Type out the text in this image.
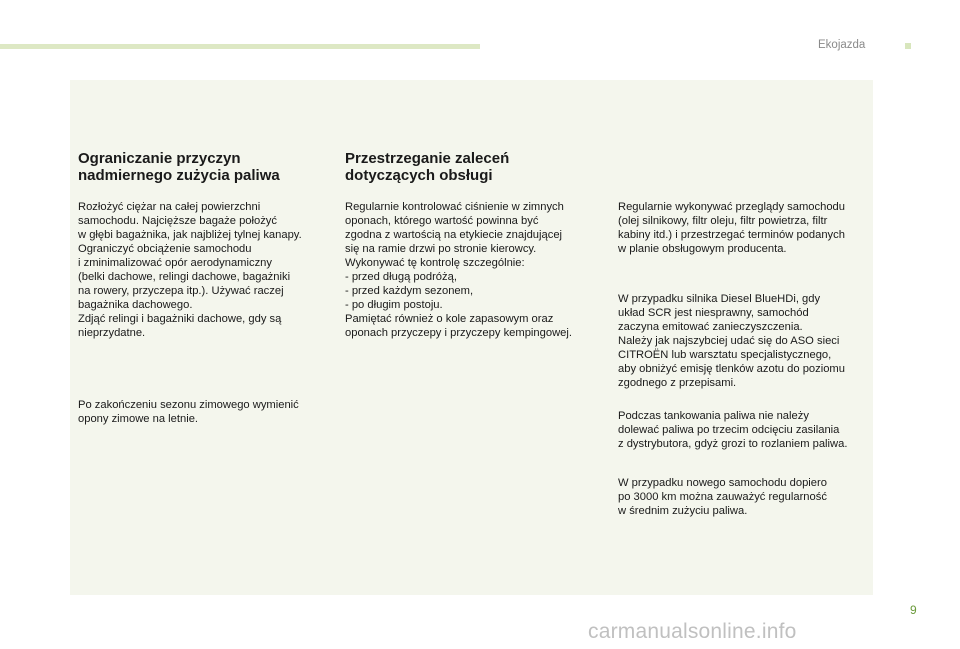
Ekojazda
Ograniczanie przyczyn
nadmiernego zużycia paliwa

Rozłożyć ciężar na całej powierzchni
samochodu. Najcięższe bagaże położyć
w głębi bagażnika, jak najbliżej tylnej kanapy.
Ograniczyć obciążenie samochodu
i zminimalizować opór aerodynamiczny
(belki dachowe, relingi dachowe, bagażniki
na rowery, przyczepa itp.). Używać raczej
bagażnika dachowego.
Zdjąć relingi i bagażniki dachowe, gdy są
nieprzydatne.

Po zakończeniu sezonu zimowego wymienić
opony zimowe na letnie.

Przestrzeganie zaleceń
dotyczących obsługi

Regularnie kontrolować ciśnienie w zimnych
oponach, którego wartość powinna być
zgodna z wartością na etykiecie znajdującej
się na ramie drzwi po stronie kierowcy.
Wykonywać tę kontrolę szczególnie:
- przed długą podróżą,
- przed każdym sezonem,
- po długim postoju.
Pamiętać również o kole zapasowym oraz
oponach przyczepy i przyczepy kempingowej.

Regularnie wykonywać przeglądy samochodu
(olej silnikowy, filtr oleju, filtr powietrza, filtr
kabiny itd.) i przestrzegać terminów podanych
w planie obsługowym producenta.

W przypadku silnika Diesel BlueHDi, gdy
układ SCR jest niesprawny, samochód
zaczyna emitować zanieczyszczenia.
Należy jak najszybciej udać się do ASO sieci
CITROËN lub warsztatu specjalistycznego,
aby obniżyć emisję tlenków azotu do poziomu
zgodnego z przepisami.

Podczas tankowania paliwa nie należy
dolewać paliwa po trzecim odcięciu zasilania
z dystrybutora, gdyż grozi to rozlaniem paliwa.

W przypadku nowego samochodu dopiero
po 3000 km można zauważyć regularność
w średnim zużyciu paliwa.

9
carmanualsonline.info
